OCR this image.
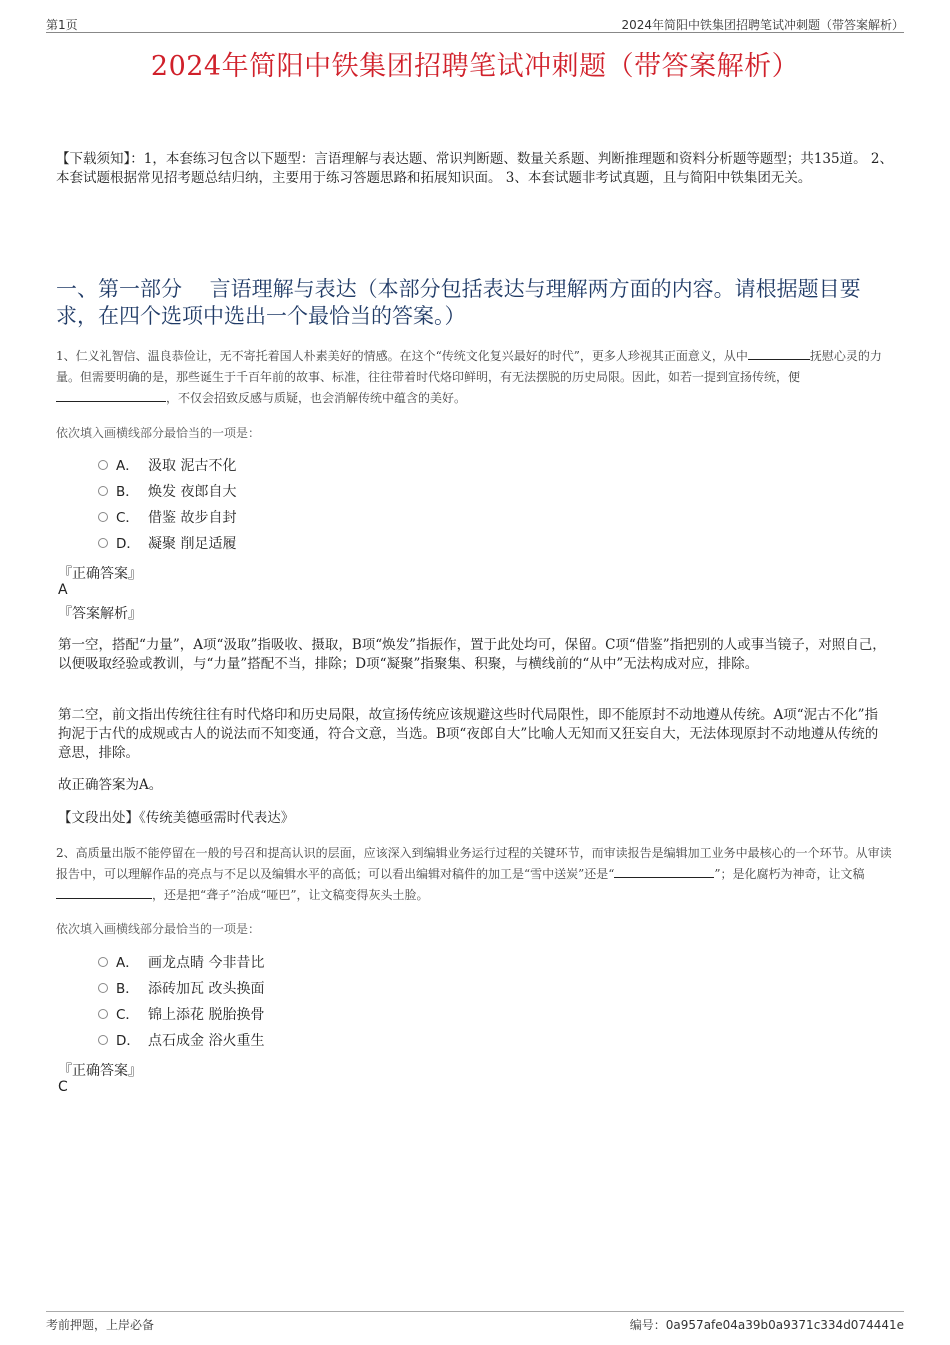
第1页	2024年简阳中铁集团招聘笔试冲刺题（带答案解析）
2024年简阳中铁集团招聘笔试冲刺题（带答案解析）
【下载须知】：1，本套练习包含以下题型：言语理解与表达题、常识判断题、数量关系题、判断推理题和资料分析题等题型；共135道。 2、本套试题根据常见招考题总结归纳，主要用于练习答题思路和拓展知识面。 3、本套试题非考试真题，且与简阳中铁集团无关。
一、第一部分　 言语理解与表达（本部分包括表达与理解两方面的内容。请根据题目要求，在四个选项中选出一个最恰当的答案。）
1、仁义礼智信、温良恭俭让，无不寄托着国人朴素美好的情感。在这个“传统文化复兴最好的时代”，更多人珍视其正面意义，从中	抚慰心灵的力量。但需要明确的是，那些诞生于千百年前的故事、标准，往往带着时代烙印鲜明，有无法摆脱的历史局限。因此，如若一提到宣扬传统，便，不仅会招致反感与质疑，也会消解传统中蕴含的美好。
依次填入画横线部分最恰当的一项是：
A． 汲取 泥古不化
B． 焕发 夜郎自大
C． 借鉴 故步自封
D． 凝聚 削足适履
『正确答案』
A
『答案解析』
第一空，搭配“力量”，A项“汲取”指吸收、摄取，B项“焕发”指振作，置于此处均可，保留。C项“借鉴”指把别的人或事当镜子，对照自己，以便吸取经验或教训，与“力量”搭配不当，排除；D项“凝聚”指聚集、积聚，与横线前的“从中”无法构成对应，排除。
第二空，前文指出传统往往有时代烙印和历史局限，故宣扬传统应该规避这些时代局限性，即不能原封不动地遵从传统。A项“泥古不化”指拘泥于古代的成规或古人的说法而不知变通，符合文意，当选。B项“夜郎自大”比喻人无知而又狂妄自大，无法体现原封不动地遵从传统的意思，排除。
故正确答案为A。
【文段出处】《传统美德亟需时代表达》
2、高质量出版不能停留在一般的号召和提高认识的层面，应该深入到编辑业务运行过程的关键环节，而审读报告是编辑加工业务中最核心的一个环节。从审读报告中，可以理解作品的亮点与不足以及编辑水平的高低；可以看出编辑对稿件的加工是“雪中送炭”还是“	”；是化腐朽为神奇，让文稿，还是把“聋子”治成“哑巴”，让文稿变得灰头土脸。
依次填入画横线部分最恰当的一项是：
A． 画龙点睛 今非昔比
B． 添砖加瓦 改头换面
C． 锦上添花 脱胎换骨
D． 点石成金 浴火重生
『正确答案』
C
考前押题，上岸必备	编号：0a957afe04a39b0a9371c334d074441e
